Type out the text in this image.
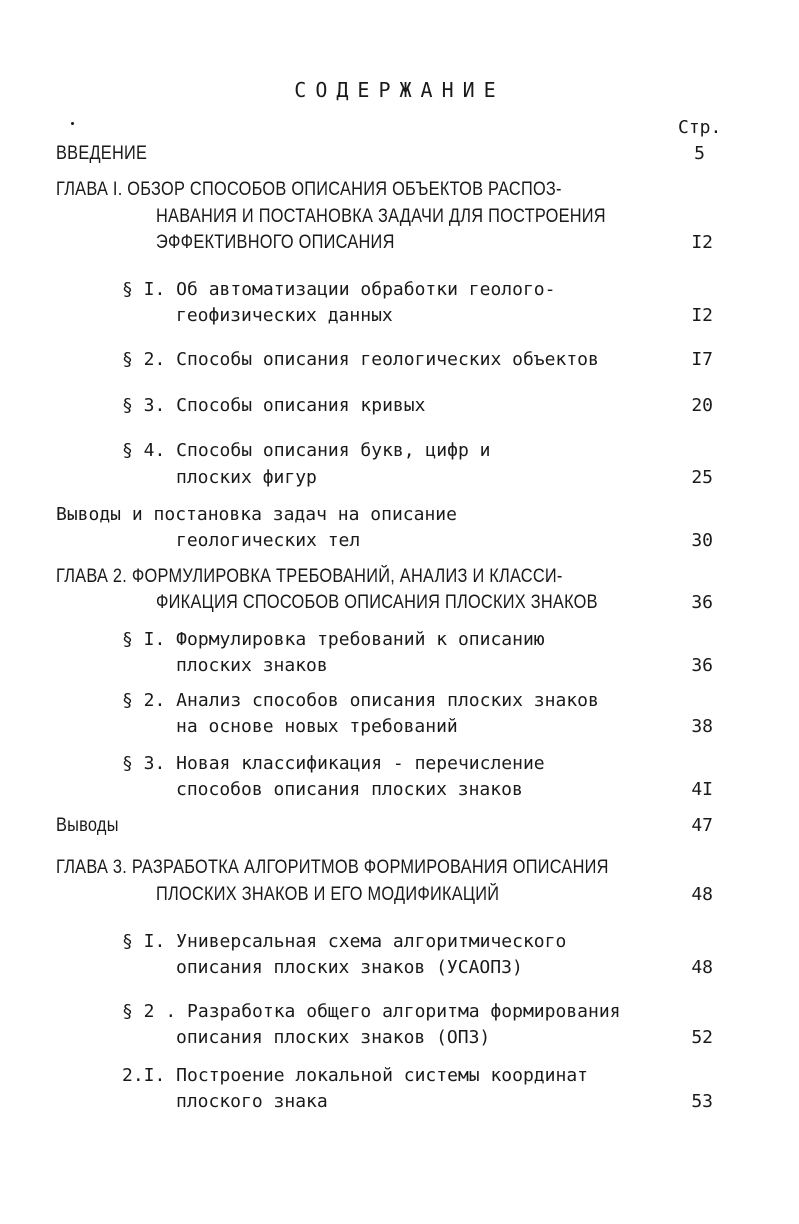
СОДЕРЖАНИЕ
Стр.
ВВЕДЕНИЕ	5
ГЛАВА I. ОБЗОР СПОСОБОВ ОПИСАНИЯ ОБЪЕКТОВ РАСПОЗ-
НАВАНИЯ И ПОСТАНОВКА ЗАДАЧИ ДЛЯ ПОСТРОЕНИЯ
ЭФФЕКТИВНОГО ОПИСАНИЯ	I2
§ I. Об автоматизации обработки геолого-
геофизических данных	I2
§ 2. Способы описания геологических объектов	I7
§ 3. Способы описания кривых	20
§ 4. Способы описания букв, цифр и
плоских фигур	25
Выводы и постановка задач на описание
геологических тел	30
ГЛАВА 2. ФОРМУЛИРОВКА ТРЕБОВАНИЙ, АНАЛИЗ И КЛАССИ-
ФИКАЦИЯ СПОСОБОВ ОПИСАНИЯ ПЛОСКИХ ЗНАКОВ	36
§ I. Формулировка требований к описанию
плоских знаков	36
§ 2. Анализ способов описания плоских знаков
на основе новых требований	38
§ 3. Новая классификация - перечисление
способов описания плоских знаков	4I
Выводы	47
ГЛАВА 3. РАЗРАБОТКА АЛГОРИТМОВ ФОРМИРОВАНИЯ ОПИСАНИЯ
ПЛОСКИХ ЗНАКОВ И ЕГО МОДИФИКАЦИЙ	48
§ I. Универсальная схема алгоритмического
описания плоских знаков (УСАОПЗ)	48
§ 2 . Разработка общего алгоритма формирования
описания плоских знаков (ОПЗ)	52
2.I. Построение локальной системы координат
плоского знака	53
